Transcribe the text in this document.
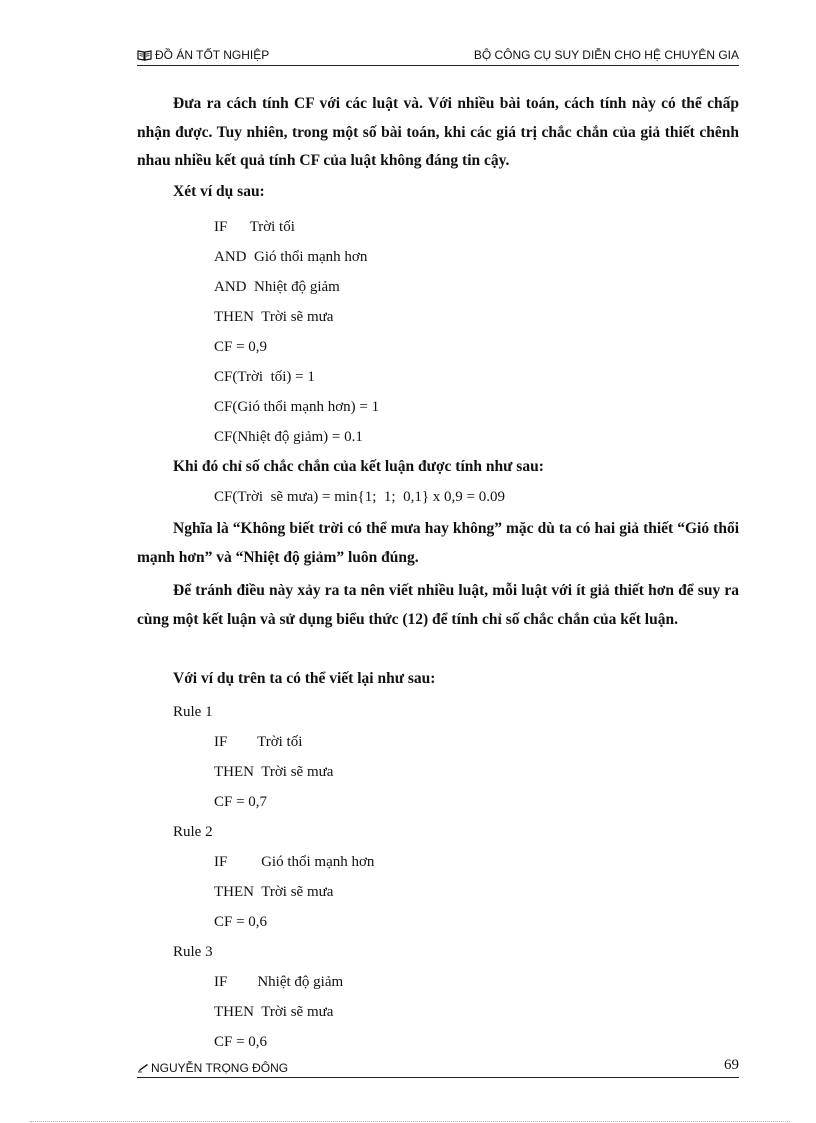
ĐỒ ÁN TỐT NGHIỆP	BỘ CÔNG CỤ SUY DIỄN CHO HỆ CHUYÊN GIA

Đưa ra cách tính CF với các luật và. Với nhiều bài toán, cách tính này có thể chấp nhận được. Tuy nhiên, trong một số bài toán, khi các giá trị chắc chắn của giả thiết chênh nhau nhiều kết quả tính CF của luật không đáng tin cậy.

Xét ví dụ sau:
IF      Trời tối
AND  Gió thổi mạnh hơn
AND  Nhiệt độ giảm
THEN  Trời sẽ mưa
CF = 0,9
CF(Trời  tối) = 1
CF(Gió thổi mạnh hơn) = 1
CF(Nhiệt độ giảm) = 0.1
Khi đó chỉ số chắc chắn của kết luận được tính như sau:
CF(Trời  sẽ mưa) = min{1;  1;  0,1} x 0,9 = 0.09

Nghĩa là “Không biết trời có thể mưa hay không” mặc dù ta có hai giả thiết “Gió thổi mạnh hơn” và “Nhiệt độ giảm” luôn đúng.

Để tránh điều này xảy ra ta nên viết nhiều luật, mỗi luật với ít giả thiết hơn để suy ra cùng một kết luận và sử dụng biểu thức (12) để tính chỉ số chắc chắn của kết luận.

Với ví dụ trên ta có thể viết lại như sau:
Rule 1
IF        Trời tối
THEN  Trời sẽ mưa
CF = 0,7
Rule 2
IF         Gió thổi mạnh hơn
THEN  Trời sẽ mưa
CF = 0,6
Rule 3
IF        Nhiệt độ giảm
THEN  Trời sẽ mưa
CF = 0,6
NGUYỄN TRỌNG ĐÔNG	69
